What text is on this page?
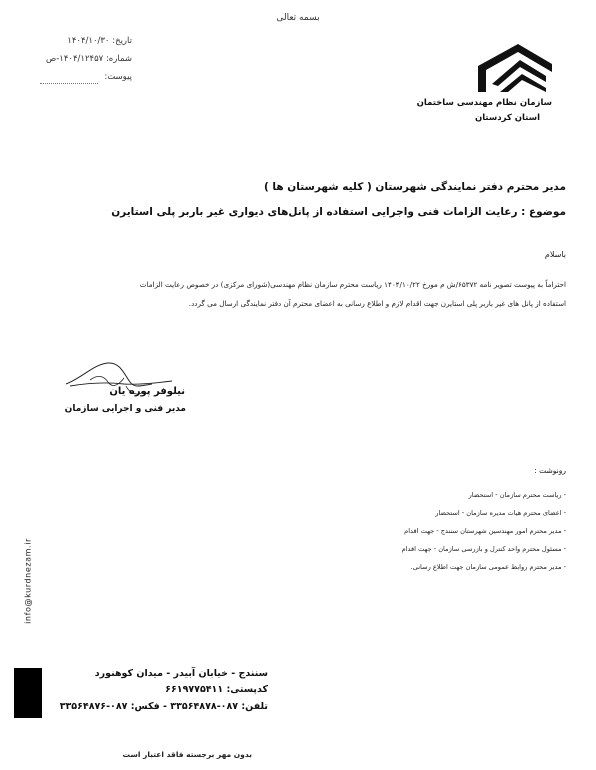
بسمه تعالی
تاریخ: ۱۴۰۴/۱۰/۳۰
شماره: ۱۴۰۴/۱۲۴۵۷-ص
پیوست:
سازمان نظام مهندسی ساختمان
استان کردستان
مدیر محترم دفتر نمایندگی شهرستان ( کلیه شهرستان ها )
موضوع : رعایت الزامات فنی واجرایی استفاده از پانل‌های دیواری غیر باربر پلی استایرن
باسلام
احتراماً به پیوست تصویر نامه ۶۵۳۷۲/ش م مورخ ۱۴۰۴/۱۰/۲۲ ریاست محترم سازمان نظام مهندسی(شورای مرکزی) در خصوص رعایت الزامات
استفاده از پانل های غیر باربر پلی استایرن جهت اقدام لازم و اطلاع رسانی به اعضای محترم آن دفتر نمایندگی ارسال می گردد.
نیلوفر پوره یان
مدیر فنی و اجرایی سازمان
رونوشت :
‐ ریاست محترم سازمان - استحضار
‐ اعضای محترم هیات مدیره سازمان - استحضار
‐ مدیر محترم امور مهندسین شهرستان سنندج - جهت اقدام
‐ مسئول محترم واحد کنترل و بازرسی سازمان - جهت اقدام
‐ مدیر محترم روابط عمومی سازمان جهت اطلاع رسانی.
info@kurdnezam.ir
سنندج - خیابان آبیدر - میدان کوهنورد
کدپستی: ۶۶۱۹۷۷۵۴۱۱
تلفن: ۰۸۷-۳۳۵۶۴۸۷۸ - فکس: ۰۸۷-۳۳۵۶۴۸۷۶
بدون مهر برجسته فاقد اعتبار است
